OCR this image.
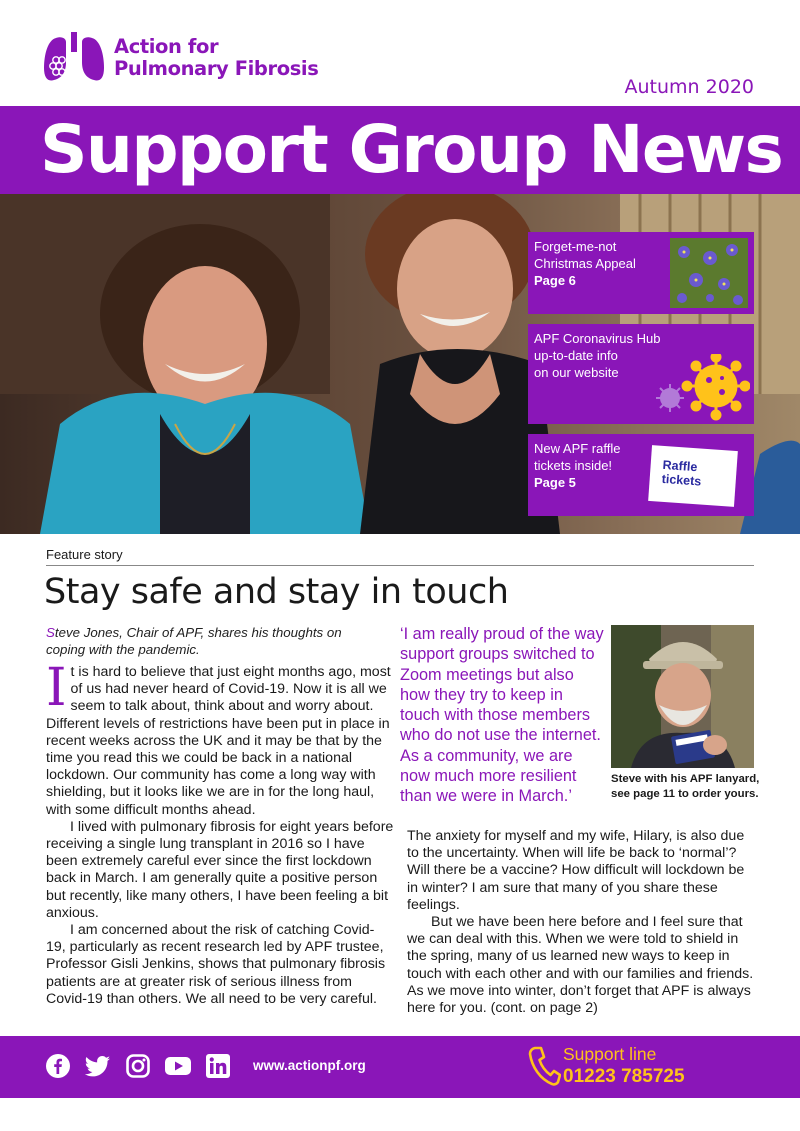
Action for
Pulmonary Fibrosis
Autumn 2020
Support Group News
Forget-me-not
Christmas Appeal
Page 6
APF Coronavirus Hub
up-to-date info
on our website
New APF raffle
tickets inside!
Page 5
Raffle
tickets
Feature story
Stay safe and stay in touch
Steve Jones, Chair of APF, shares his thoughts on
coping with the pandemic.

It is hard to believe that just eight months ago, most of us had never heard of Covid-19. Now it is all we seem to talk about, think about and worry about. Different levels of restrictions have been put in place in recent weeks across the UK and it may be that by the time you read this we could be back in a national lockdown. Our community has come a long way with shielding, but it looks like we are in for the long haul, with some difficult months ahead.

I lived with pulmonary fibrosis for eight years before receiving a single lung transplant in 2016 so I have been extremely careful ever since the first lockdown back in March. I am generally quite a positive person but recently, like many others, I have been feeling a bit anxious.

I am concerned about the risk of catching Covid-19, particularly as recent research led by APF trustee, Professor Gisli Jenkins, shows that pulmonary fibrosis patients are at greater risk of serious illness from Covid-19 than others. We all need to be very careful.

‘I am really proud of the way support groups switched to Zoom meetings but also how they try to keep in touch with those members who do not use the internet. As a community, we are now much more resilient than we were in March.’
Steve with his APF lanyard,
see page 11 to order yours.

The anxiety for myself and my wife, Hilary, is also due to the uncertainty. When will life be back to ‘normal’? Will there be a vaccine? How difficult will lockdown be in winter? I am sure that many of you share these feelings.

But we have been here before and I feel sure that we can deal with this. When we were told to shield in the spring, many of us learned new ways to keep in touch with each other and with our families and friends. As we move into winter, don’t forget that APF is always here for you. (cont. on page 2)

www.actionpf.org
Support line
01223 785725
